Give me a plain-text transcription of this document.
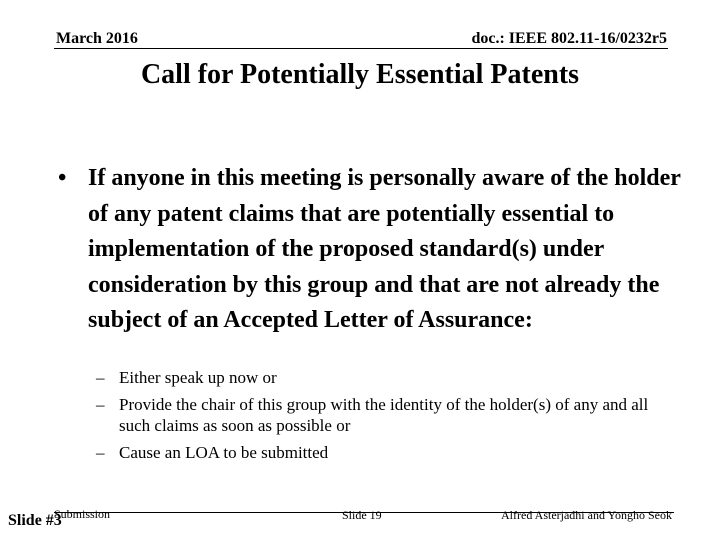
March 2016	doc.: IEEE 802.11-16/0232r5
Call for Potentially Essential Patents
• If anyone in this meeting is personally aware of the holder of any patent claims that are potentially essential to implementation of the proposed standard(s) under consideration by this group and that are not already the subject of an Accepted Letter of Assurance:
– Either speak up now or
– Provide the chair of this group with the identity of the holder(s) of any and all such claims as soon as possible or
– Cause an LOA to be submitted
Slide #3
Submission	Slide 19	Alfred Asterjadhi and Yongho Seok
